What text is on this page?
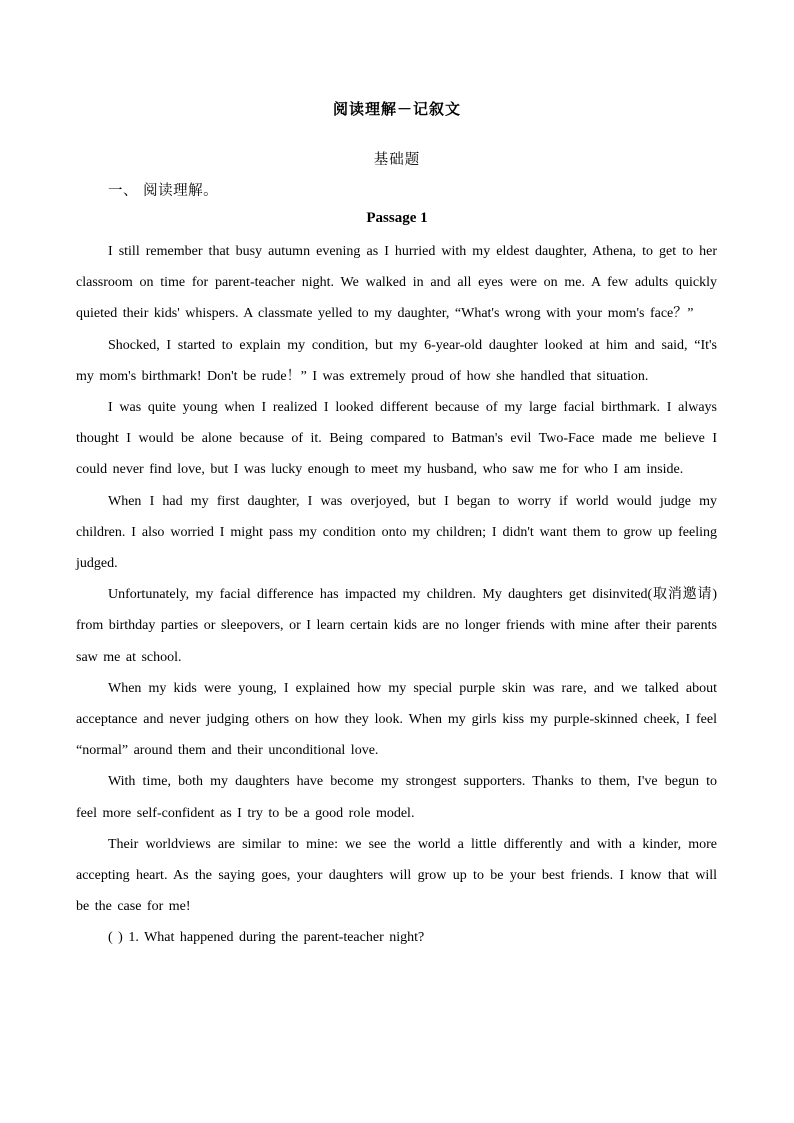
阅读理解－记叙文
基础题
一、 阅读理解。
Passage 1

I still remember that busy autumn evening as I hurried with my eldest daughter, Athena, to get to her classroom on time for parent-teacher night. We walked in and all eyes were on me. A few adults quickly quieted their kids' whispers. A classmate yelled to my daughter, “What's wrong with your mom's face？”

Shocked, I started to explain my condition, but my 6-year-old daughter looked at him and said, “It's my mom's birthmark! Don't be rude！” I was extremely proud of how she handled that situation.

I was quite young when I realized I looked different because of my large facial birthmark. I always thought I would be alone because of it. Being compared to Batman's evil Two-Face made me believe I could never find love, but I was lucky enough to meet my husband, who saw me for who I am inside.

When I had my first daughter, I was overjoyed, but I began to worry if world would judge my children. I also worried I might pass my condition onto my children; I didn't want them to grow up feeling judged.

Unfortunately, my facial difference has impacted my children. My daughters get disinvited(取消邀请) from birthday parties or sleepovers, or I learn certain kids are no longer friends with mine after their parents saw me at school.

When my kids were young, I explained how my special purple skin was rare, and we talked about acceptance and never judging others on how they look. When my girls kiss my purple-skinned cheek, I feel “normal” around them and their unconditional love.

With time, both my daughters have become my strongest supporters. Thanks to them, I've begun to feel more self-confident as I try to be a good role model.

Their worldviews are similar to mine: we see the world a little differently and with a kinder, more accepting heart. As the saying goes, your daughters will grow up to be your best friends. I know that will be the case for me!

( ) 1. What happened during the parent-teacher night?
